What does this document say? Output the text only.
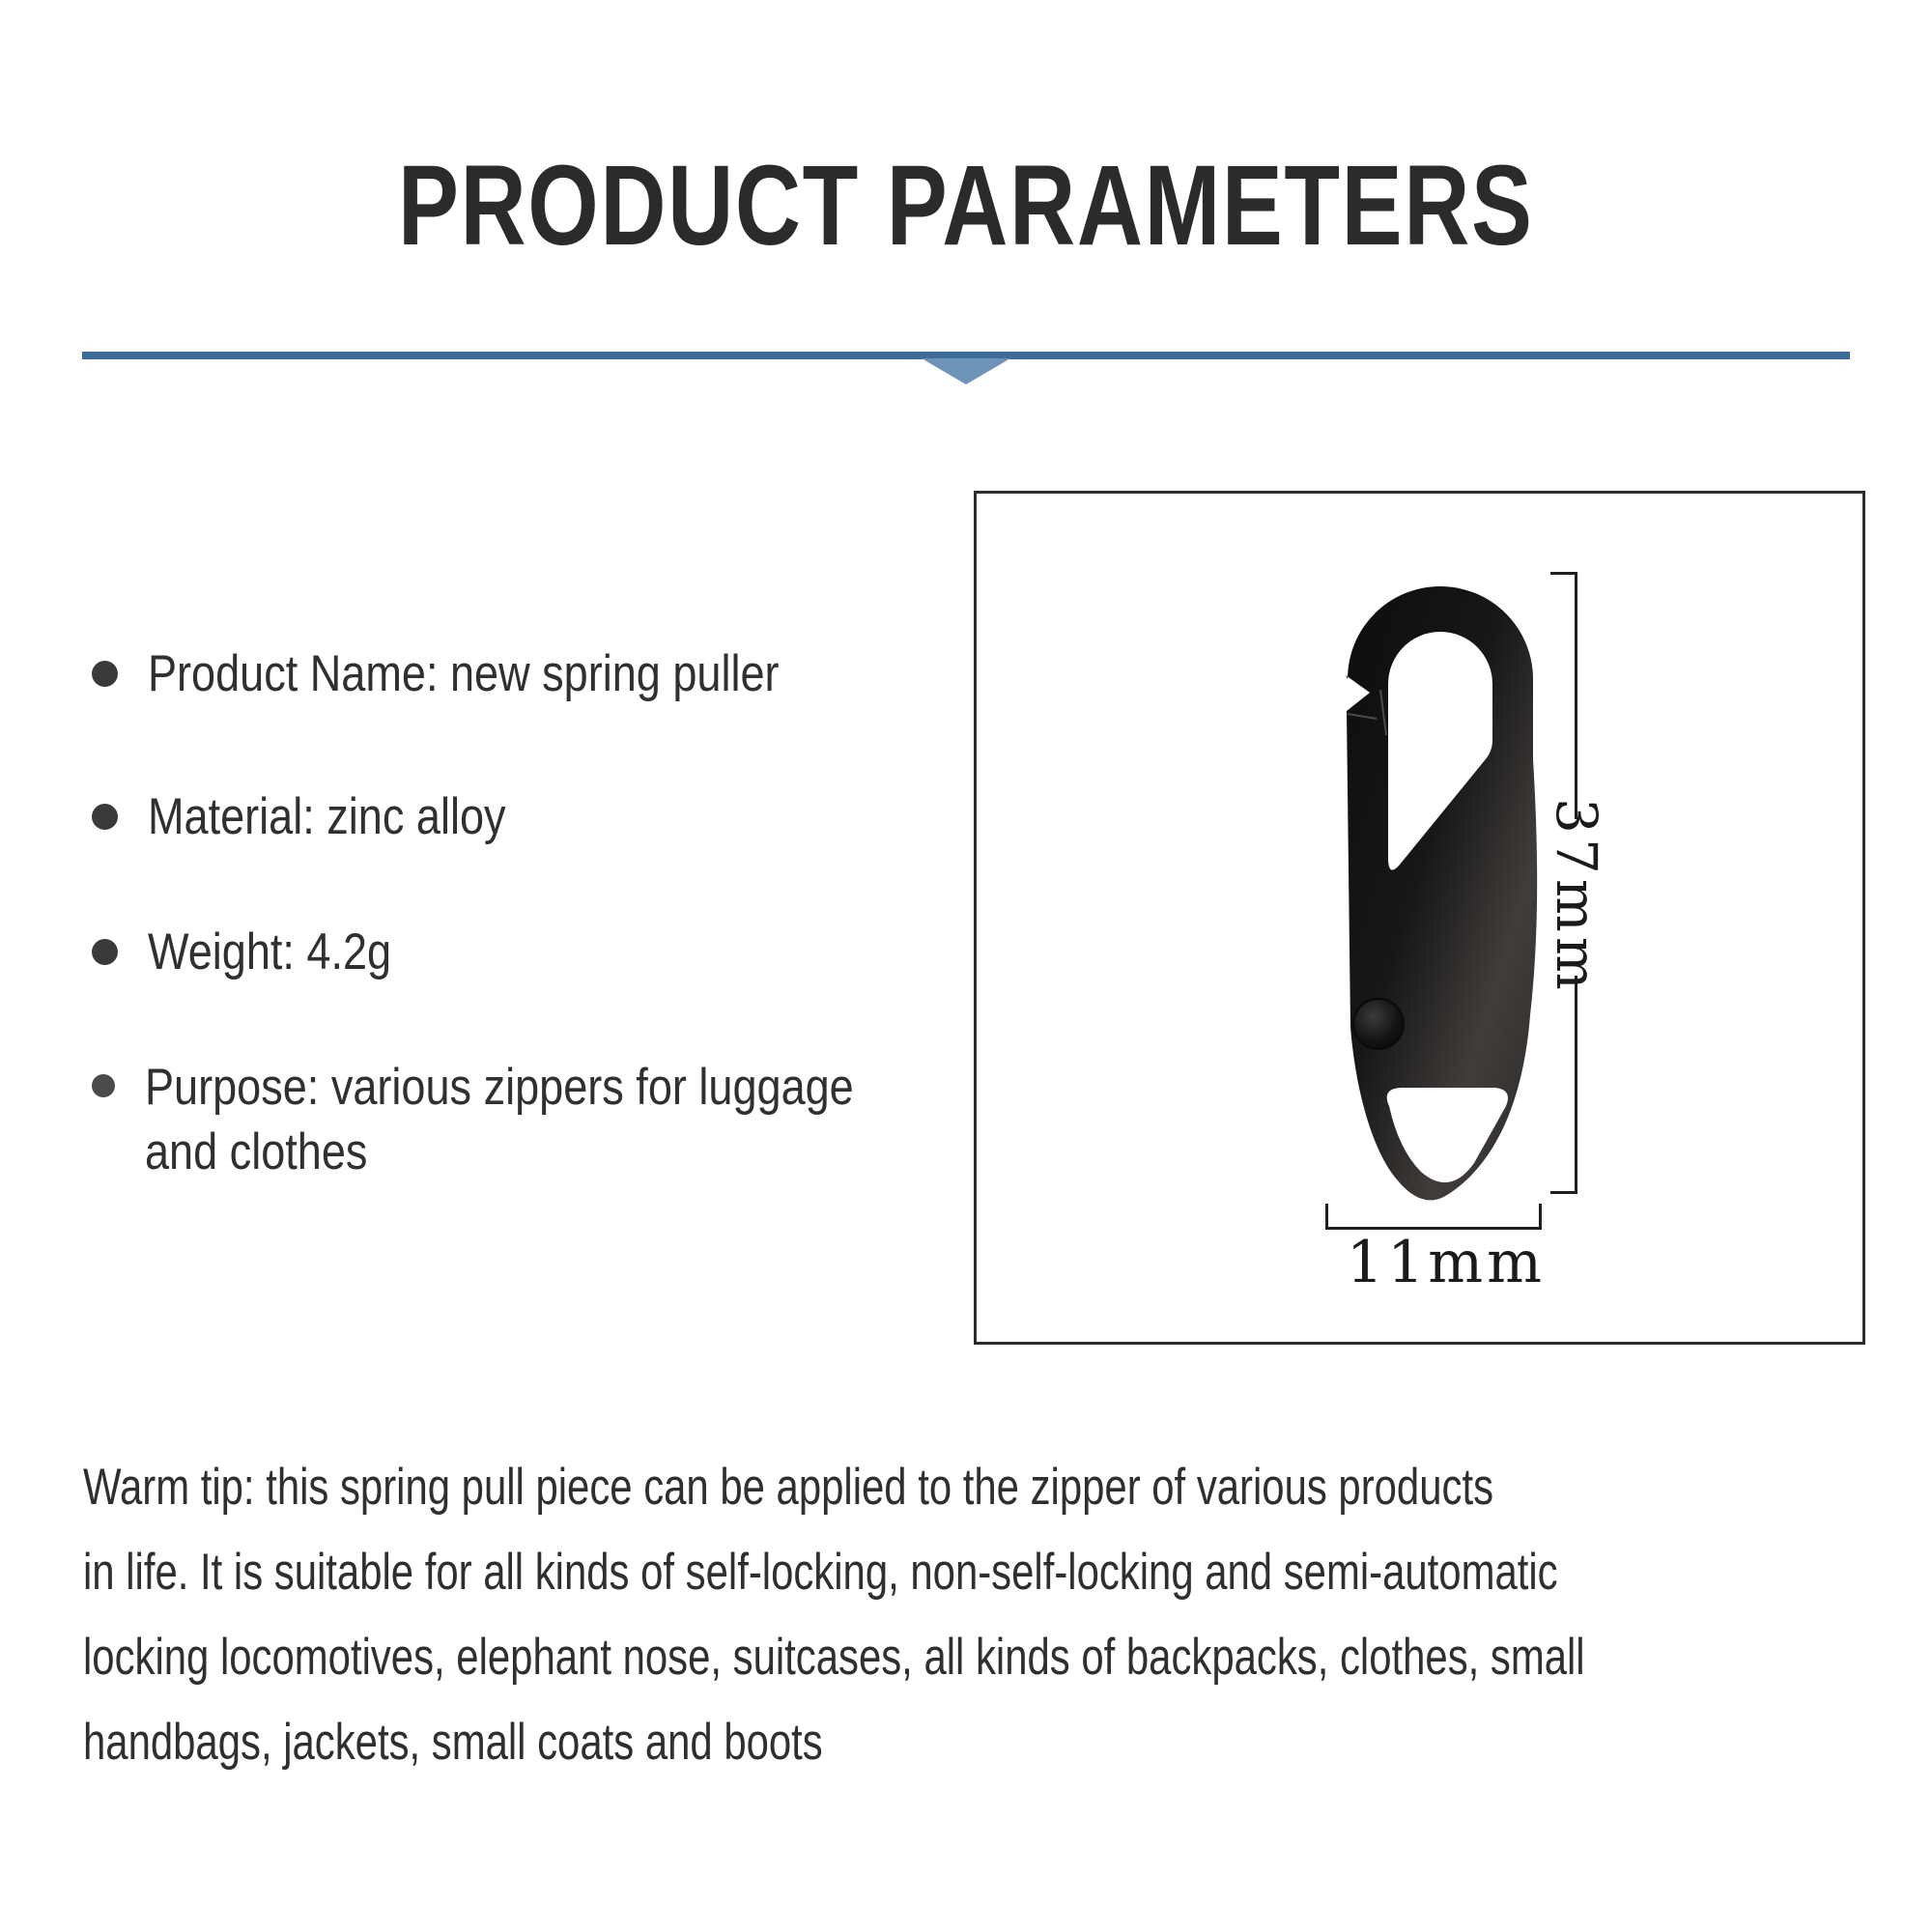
PRODUCT PARAMETERS
Product Name: new spring puller
Material: zinc alloy
Weight: 4.2g
Purpose: various zippers for luggage
and clothes
37mm
11mm
Warm tip: this spring pull piece can be applied to the zipper of various products
in life. It is suitable for all kinds of self-locking, non-self-locking and semi-automatic
locking locomotives, elephant nose, suitcases, all kinds of backpacks, clothes, small
handbags, jackets, small coats and boots
